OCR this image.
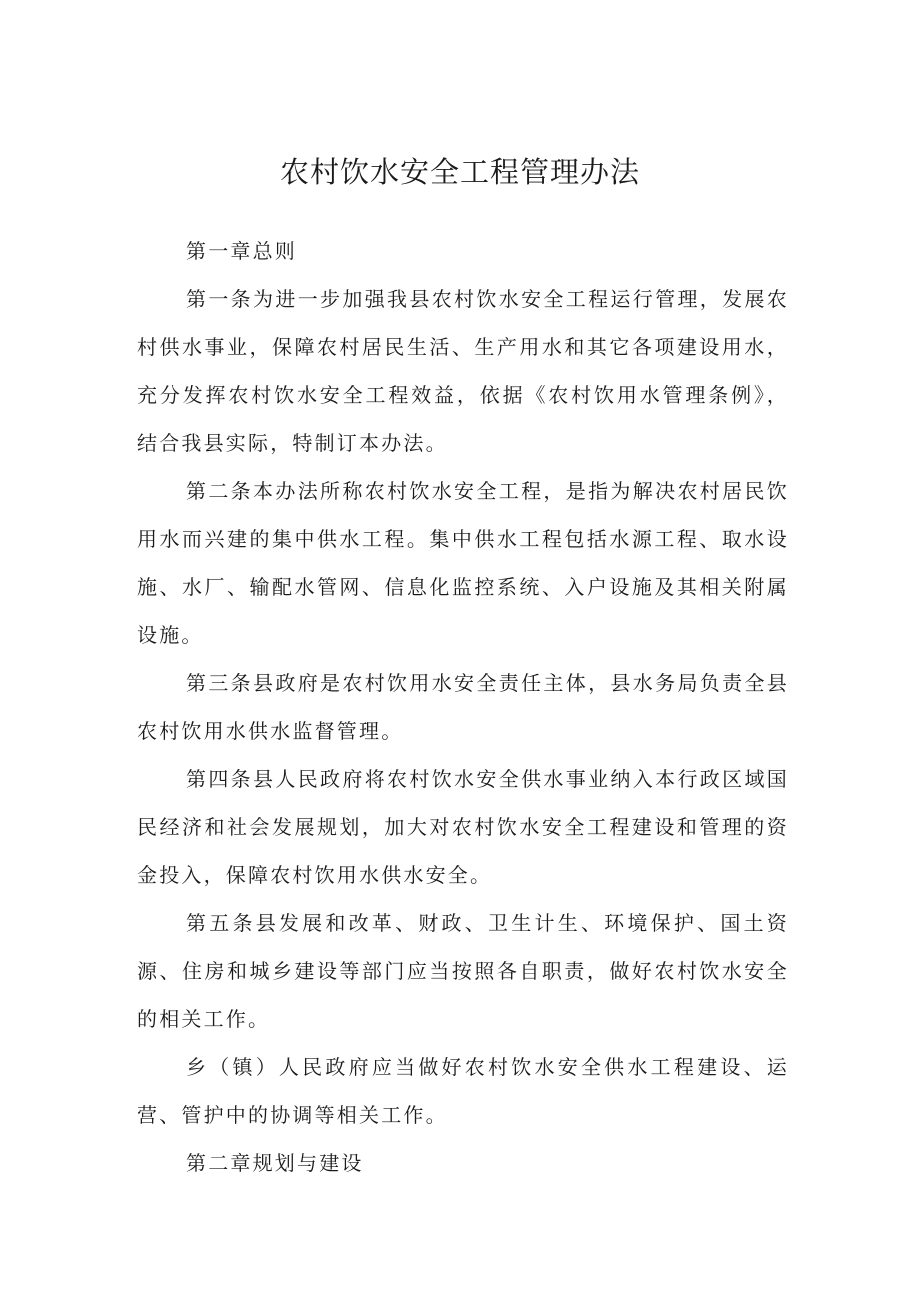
农村饮水安全工程管理办法

第一章总则

第一条为进一步加强我县农村饮水安全工程运行管理，发展农村供水事业，保障农村居民生活、生产用水和其它各项建设用水，充分发挥农村饮水安全工程效益，依据《农村饮用水管理条例》，结合我县实际，特制订本办法。

第二条本办法所称农村饮水安全工程，是指为解决农村居民饮用水而兴建的集中供水工程。集中供水工程包括水源工程、取水设施、水厂、输配水管网、信息化监控系统、入户设施及其相关附属设施。

第三条县政府是农村饮用水安全责任主体，县水务局负责全县农村饮用水供水监督管理。

第四条县人民政府将农村饮水安全供水事业纳入本行政区域国民经济和社会发展规划，加大对农村饮水安全工程建设和管理的资金投入，保障农村饮用水供水安全。

第五条县发展和改革、财政、卫生计生、环境保护、国土资源、住房和城乡建设等部门应当按照各自职责，做好农村饮水安全的相关工作。

乡（镇）人民政府应当做好农村饮水安全供水工程建设、运营、管护中的协调等相关工作。

第二章规划与建设
